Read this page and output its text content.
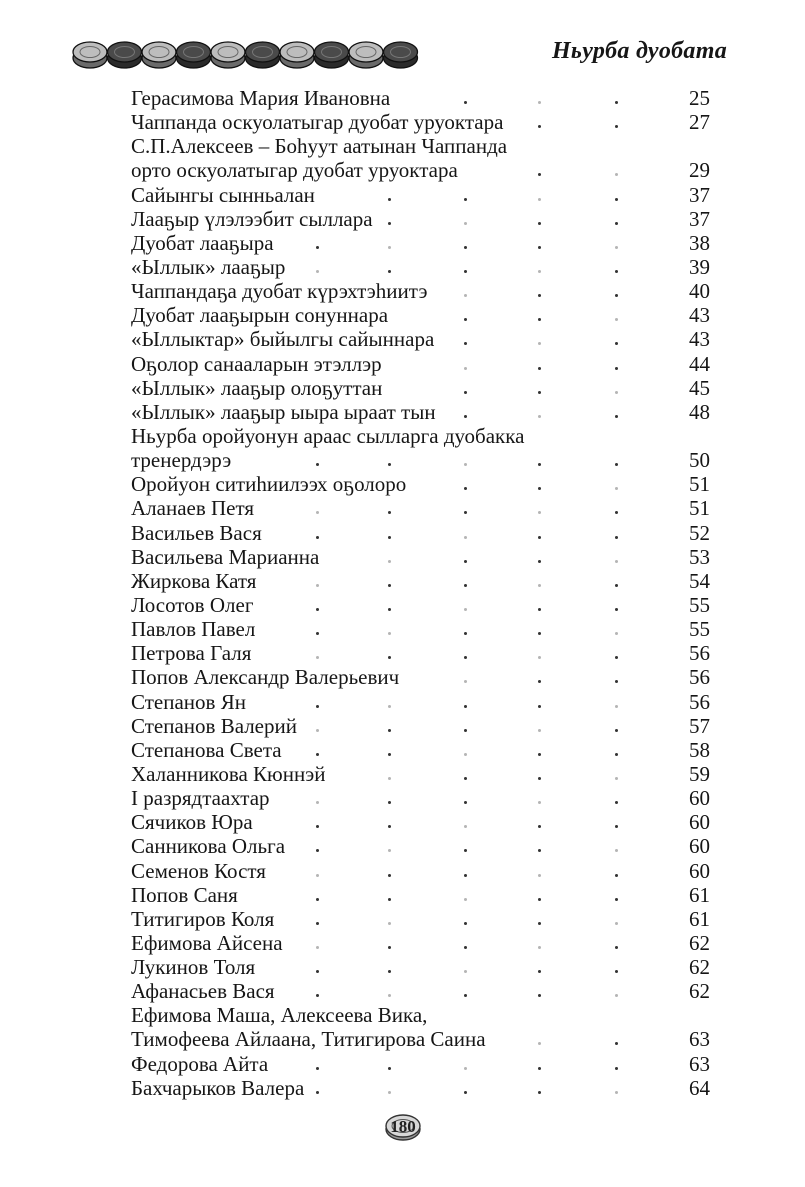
Ньурба дуобата
Герасимова Мария Ивановна	25
Чаппанда оскуолатыгар дуобат уруоктара	27
С.П.Алексеев – Боhуут аатынан Чаппанда
орто оскуолатыгар дуобат уруоктара	29
Сайынгы сынньалан	37
Лааҕыр үлэлээбит сыллара	37
Дуобат лааҕыра	38
«Ыллык» лааҕыр	39
Чаппандаҕа дуобат күрэхтэhиитэ	40
Дуобат лааҕырын сонуннара	43
«Ыллыктар» быйылгы сайыннара	43
Оҕолор санааларын этэллэр	44
«Ыллык» лааҕыр олоҕуттан	45
«Ыллык» лааҕыр ыыра ыраат тын	48
Ньурба оройуонун араас сылларга дуобакка
тренердэрэ	50
Оройуон ситиhиилээх оҕолоро	51
Аланаев Петя	51
Васильев Вася	52
Васильева Марианна	53
Жиркова Катя	54
Лосотов Олег	55
Павлов Павел	55
Петрова Галя	56
Попов Александр Валерьевич	56
Степанов Ян	56
Степанов Валерий	57
Степанова Света	58
Халанникова Кюннэй	59
I разрядтаахтар	60
Сячиков Юра	60
Санникова Ольга	60
Семенов Костя	60
Попов Саня	61
Титигиров Коля	61
Ефимова Айсена	62
Лукинов Толя	62
Афанасьев Вася	62
Ефимова Маша, Алексеева Вика,
Тимофеева Айлаана, Титигирова Саина	63
Федорова Айта	63
Бахчарыков Валера	64
180
